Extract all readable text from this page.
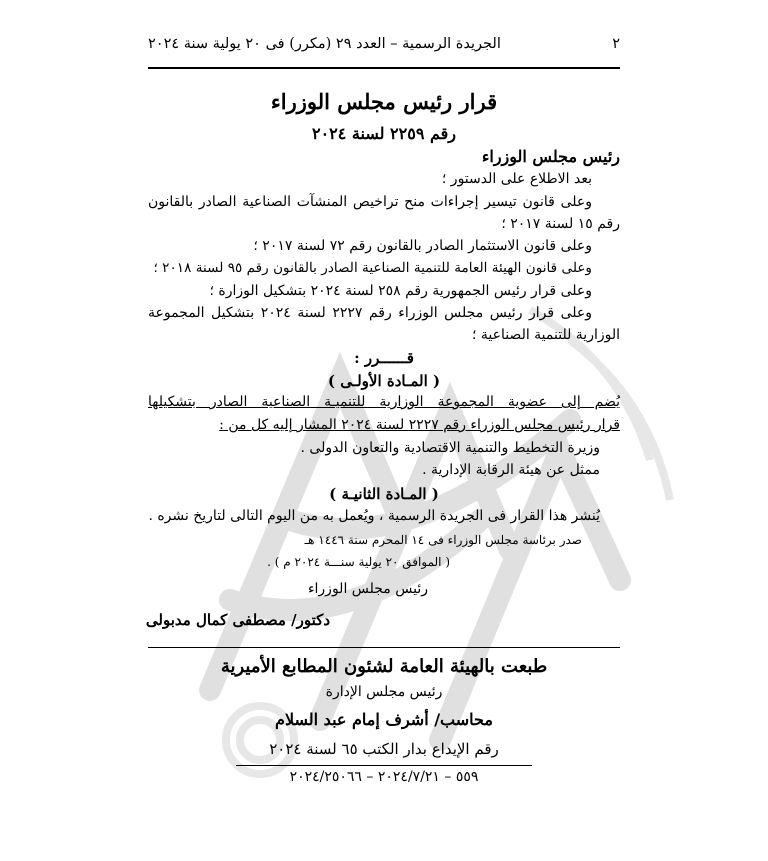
٢
الجريدة الرسمية – العدد ٢٩ (مكرر) فى ٢٠ يولية سنة ٢٠٢٤
قرار رئيس مجلس الوزراء
رقم ٢٢٥٩ لسنة ٢٠٢٤
رئيس مجلس الوزراء
بعد الاطلاع على الدستور ؛
وعلى قانون تيسير إجراءات منح تراخيص المنشآت الصناعية الصادر بالقانون
رقم ١٥ لسنة ٢٠١٧ ؛
وعلى قانون الاستثمار الصادر بالقانون رقم ٧٢ لسنة ٢٠١٧ ؛
وعلى قانون الهيئة العامة للتنمية الصناعية الصادر بالقانون رقم ٩٥ لسنة ٢٠١٨ ؛
وعلى قرار رئيس الجمهورية رقم ٢٥٨ لسنة ٢٠٢٤ بتشكيل الوزارة ؛
وعلى قرار رئيس مجلس الوزراء رقم ٢٢٢٧ لسنة ٢٠٢٤ بتشكيل المجموعة
الوزارية للتنمية الصناعية ؛
قــــــرر :
( المـادة الأولـى )
يُضم إلى عضوية المجموعة الوزارية للتنميـة الصناعية الصادر بتشكيلها
قرار رئيس مجلس الوزراء رقم ٢٢٢٧ لسنة ٢٠٢٤ المشار إليه كل من :
وزيرة التخطيط والتنمية الاقتصادية والتعاون الدولى .
ممثل عن هيئة الرقابة الإدارية .
( المـادة الثانيـة )
يُنشر هذا القرار فى الجريدة الرسمية ، ويُعمل به من اليوم التالى لتاريخ نشره .
صدر برئاسة مجلس الوزراء فى ١٤ المحرم سنة ١٤٤٦ هـ
( الموافق ٢٠ يولية سنـــة ٢٠٢٤ م ) .
رئيس مجلس الوزراء
دكتور/ مصطفى كمال مدبولى
طبعت بالهيئة العامة لشئون المطابع الأميرية
رئيس مجلس الإدارة
محاسب/ أشرف إمام عبد السلام
رقم الإيداع بدار الكتب ٦٥ لسنة ٢٠٢٤
٥٥٩ – ٢٠٢٤/٧/٢١ – ٢٠٢٤/٢٥٠٦٦
